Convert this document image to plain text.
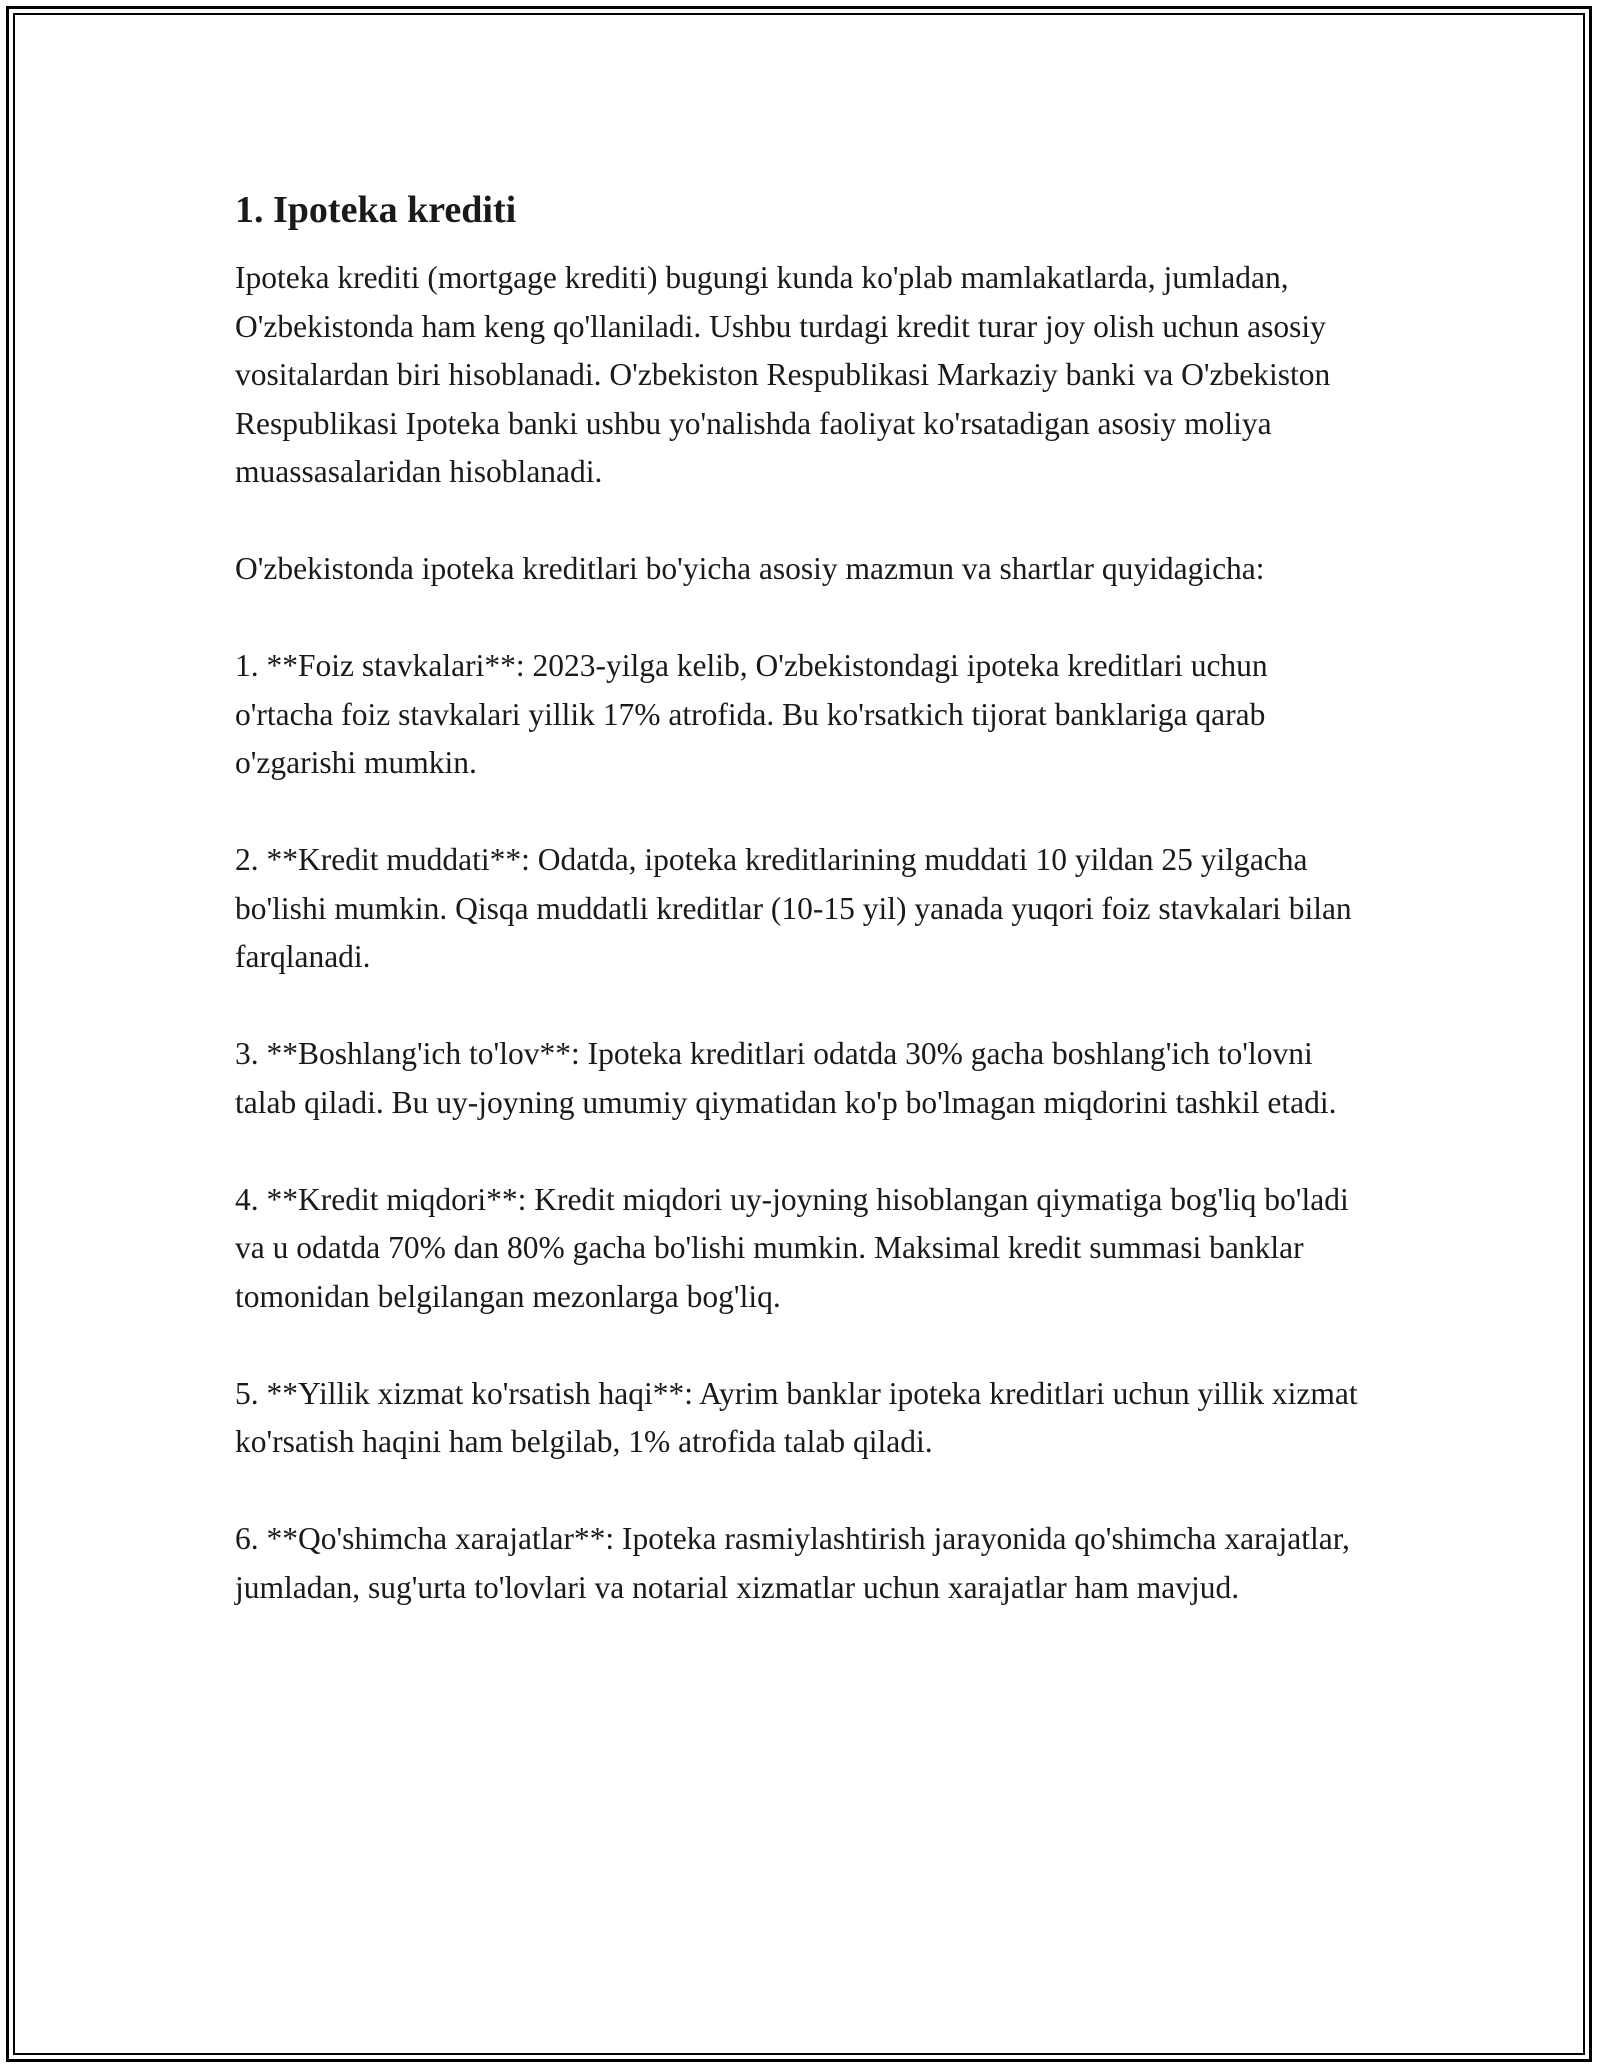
1. Ipoteka krediti

Ipoteka krediti (mortgage krediti) bugungi kunda ko'plab mamlakatlarda, jumladan, O'zbekistonda ham keng qo'llaniladi. Ushbu turdagi kredit turar joy olish uchun asosiy vositalardan biri hisoblanadi. O'zbekiston Respublikasi Markaziy banki va O'zbekiston Respublikasi Ipoteka banki ushbu yo'nalishda faoliyat ko'rsatadigan asosiy moliya muassasalaridan hisoblanadi.

O'zbekistonda ipoteka kreditlari bo'yicha asosiy mazmun va shartlar quyidagicha:

1. **Foiz stavkalari**: 2023-yilga kelib, O'zbekistondagi ipoteka kreditlari uchun o'rtacha foiz stavkalari yillik 17% atrofida. Bu ko'rsatkich tijorat banklariga qarab o'zgarishi mumkin.

2. **Kredit muddati**: Odatda, ipoteka kreditlarining muddati 10 yildan 25 yilgacha bo'lishi mumkin. Qisqa muddatli kreditlar (10-15 yil) yanada yuqori foiz stavkalari bilan farqlanadi.

3. **Boshlang'ich to'lov**: Ipoteka kreditlari odatda 30% gacha boshlang'ich to'lovni talab qiladi. Bu uy-joyning umumiy qiymatidan ko'p bo'lmagan miqdorini tashkil etadi.

4. **Kredit miqdori**: Kredit miqdori uy-joyning hisoblangan qiymatiga bog'liq bo'ladi va u odatda 70% dan 80% gacha bo'lishi mumkin. Maksimal kredit summasi banklar tomonidan belgilangan mezonlarga bog'liq.

5. **Yillik xizmat ko'rsatish haqi**: Ayrim banklar ipoteka kreditlari uchun yillik xizmat ko'rsatish haqini ham belgilab, 1% atrofida talab qiladi.

6. **Qo'shimcha xarajatlar**: Ipoteka rasmiylashtirish jarayonida qo'shimcha xarajatlar, jumladan, sug'urta to'lovlari va notarial xizmatlar uchun xarajatlar ham mavjud.
